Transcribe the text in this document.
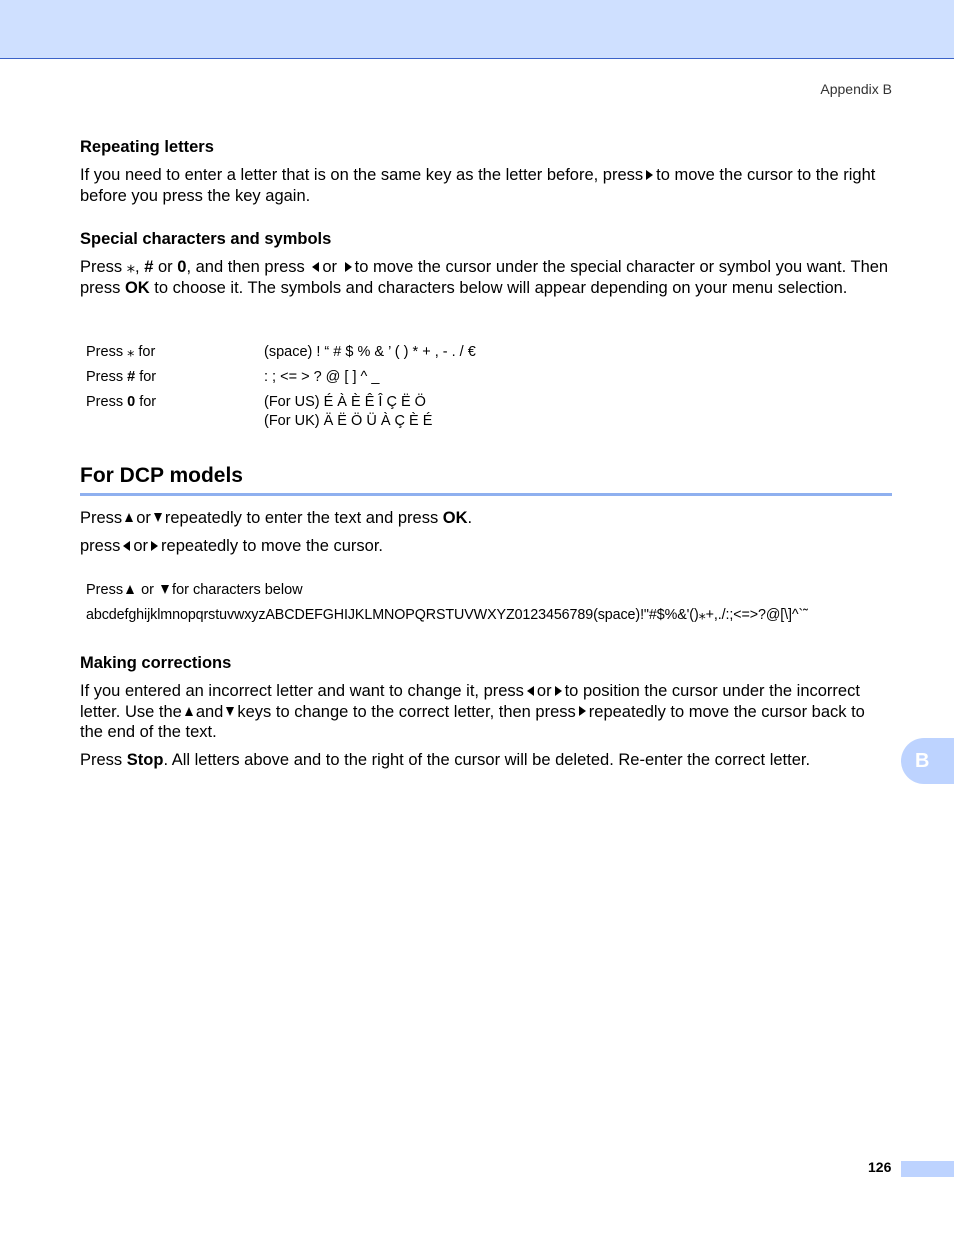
Appendix B
Repeating letters
If you need to enter a letter that is on the same key as the letter before, press to move the cursor to the right before you press the key again.
Special characters and symbols
Press ⁎, # or 0, and then press or to move the cursor under the special character or symbol you want. Then press OK to choose it. The symbols and characters below will appear depending on your menu selection.
Press ⁎ for	(space) ! “ # $ % & ’ ( ) * + , - . / €
Press # for	: ; <= > ? @ [ ] ^ _
Press 0 for	(For US) É À È Ê Î Ç Ë Ö
(For UK) Ä Ë Ö Ü À Ç È É
For DCP models
Press or repeatedly to enter the text and press OK.
press or repeatedly to move the cursor.
Press or for characters below
abcdefghijklmnopqrstuvwxyzABCDEFGHIJKLMNOPQRSTUVWXYZ0123456789(space)!"#$%&'()⁎+,./:;<=>?@[\]^`˜
Making corrections
If you entered an incorrect letter and want to change it, press or to position the cursor under the incorrect letter. Use the and keys to change to the correct letter, then press repeatedly to move the cursor back to the end of the text.
Press Stop. All letters above and to the right of the cursor will be deleted. Re-enter the correct letter.	B
126
